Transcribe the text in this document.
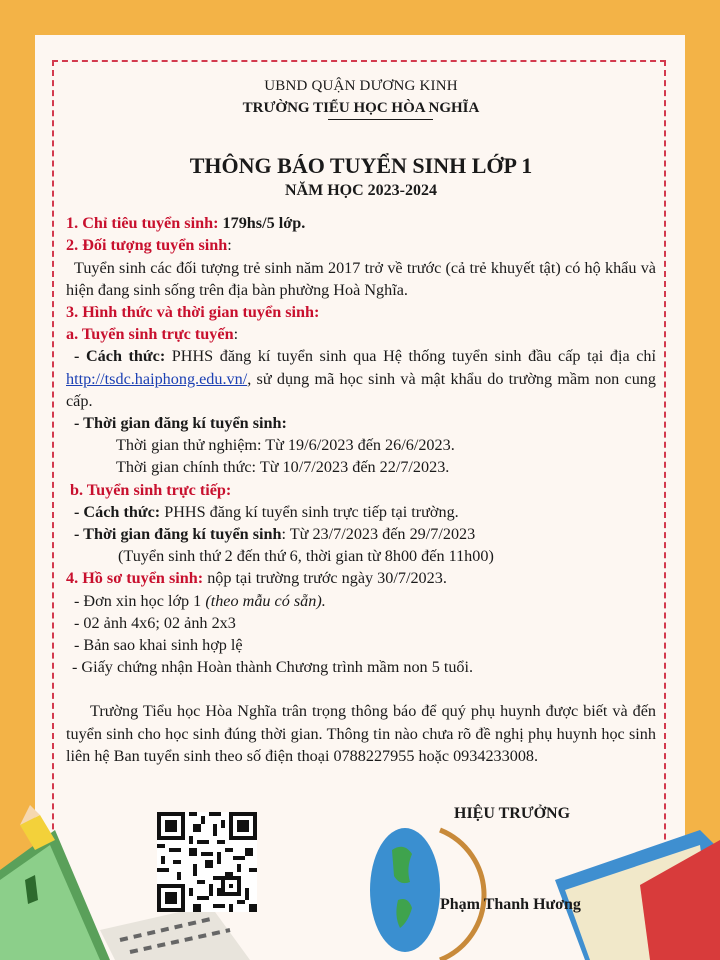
UBND QUẬN DƯƠNG KINH
TRƯỜNG TIỂU HỌC HÒA NGHĨA
THÔNG BÁO TUYỂN SINH LỚP 1
NĂM HỌC 2023-2024
1. Chỉ tiêu tuyển sinh: 179hs/5 lớp.
2. Đối tượng tuyển sinh:
Tuyển sinh các đối tượng trẻ sinh năm 2017 trở về trước (cả trẻ khuyết tật) có hộ khẩu và hiện đang sinh sống trên địa bàn phường Hoà Nghĩa.
3. Hình thức và thời gian tuyển sinh:
a. Tuyển sinh trực tuyến:
- Cách thức: PHHS đăng kí tuyển sinh qua Hệ thống tuyển sinh đầu cấp tại địa chỉ http://tsdc.haiphong.edu.vn/, sử dụng mã học sinh và mật khẩu do trường mầm non cung cấp.
- Thời gian đăng kí tuyển sinh:
Thời gian thử nghiệm: Từ 19/6/2023 đến 26/6/2023.
Thời gian chính thức: Từ 10/7/2023 đến 22/7/2023.
b. Tuyển sinh trực tiếp:
- Cách thức: PHHS đăng kí tuyển sinh trực tiếp tại trường.
- Thời gian đăng kí tuyển sinh: Từ 23/7/2023 đến 29/7/2023
(Tuyển sinh thứ 2 đến thứ 6, thời gian từ 8h00 đến 11h00)
4. Hồ sơ tuyển sinh: nộp tại trường trước ngày 30/7/2023.
- Đơn xin học lớp 1 (theo mẫu có sẵn).
- 02 ảnh 4x6; 02 ảnh 2x3
- Bản sao khai sinh hợp lệ
- Giấy chứng nhận Hoàn thành Chương trình mầm non 5 tuổi.
Trường Tiểu học Hòa Nghĩa trân trọng thông báo để quý phụ huynh được biết và đến tuyển sinh cho học sinh đúng thời gian. Thông tin nào chưa rõ đề nghị phụ huynh học sinh liên hệ Ban tuyển sinh theo số điện thoại 0788227955 hoặc 0934233008.
HIỆU TRƯỞNG
Phạm Thanh Hương
